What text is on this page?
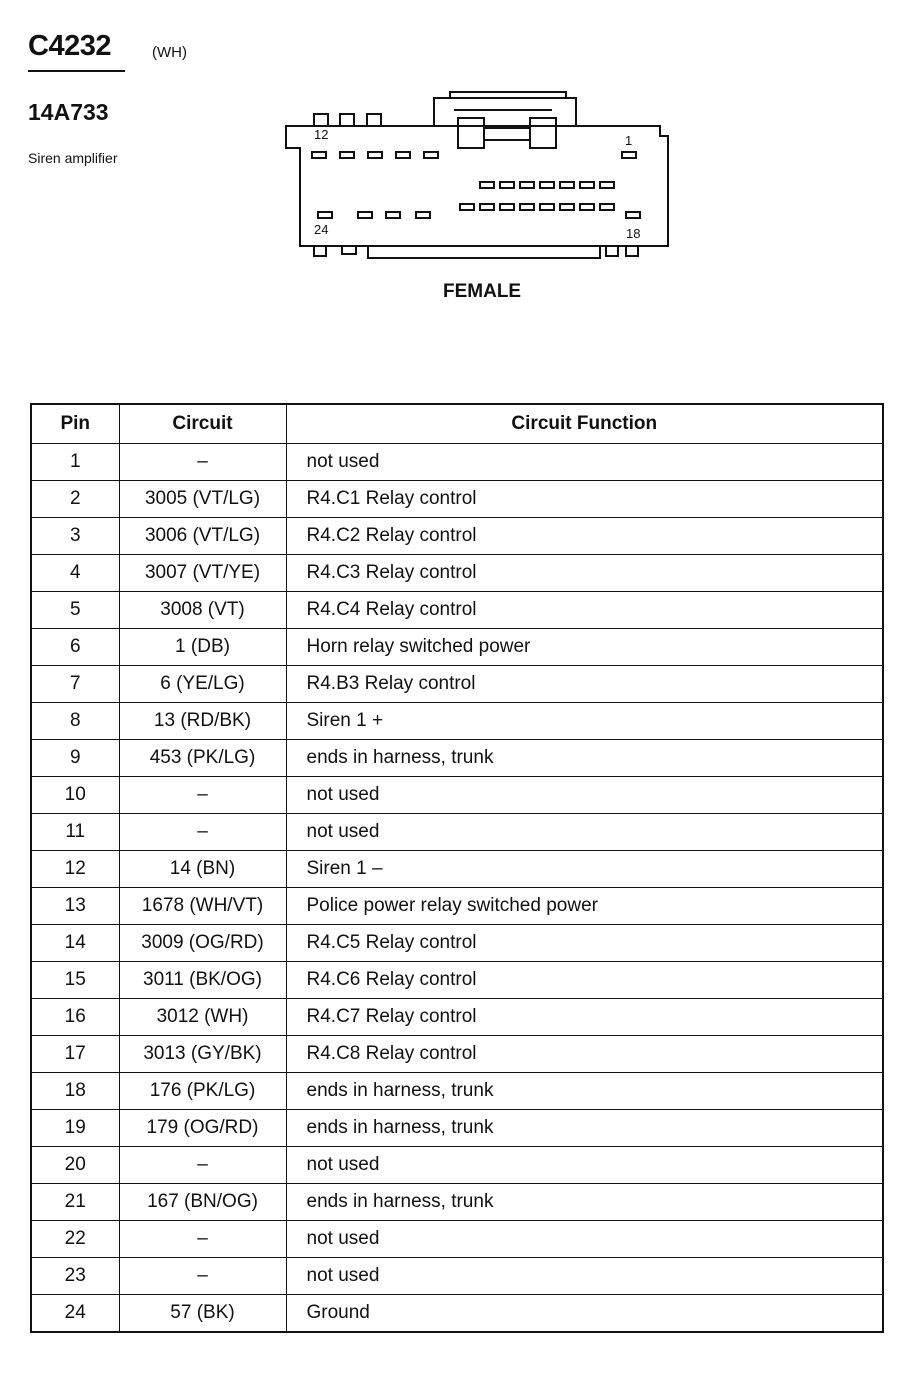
C4232	(WH)
14A733
Siren amplifier
12	1
24	18
FEMALE
Pin	Circuit	Circuit Function
1	–	not used
2	3005 (VT/LG)	R4.C1 Relay control
3	3006 (VT/LG)	R4.C2 Relay control
4	3007 (VT/YE)	R4.C3 Relay control
5	3008 (VT)	R4.C4 Relay control
6	1 (DB)	Horn relay switched power
7	6 (YE/LG)	R4.B3 Relay control
8	13 (RD/BK)	Siren 1 +
9	453 (PK/LG)	ends in harness, trunk
10	–	not used
11	–	not used
12	14 (BN)	Siren 1 –
13	1678 (WH/VT)	Police power relay switched power
14	3009 (OG/RD)	R4.C5 Relay control
15	3011 (BK/OG)	R4.C6 Relay control
16	3012 (WH)	R4.C7 Relay control
17	3013 (GY/BK)	R4.C8 Relay control
18	176 (PK/LG)	ends in harness, trunk
19	179 (OG/RD)	ends in harness, trunk
20	–	not used
21	167 (BN/OG)	ends in harness, trunk
22	–	not used
23	–	not used
24	57 (BK)	Ground
